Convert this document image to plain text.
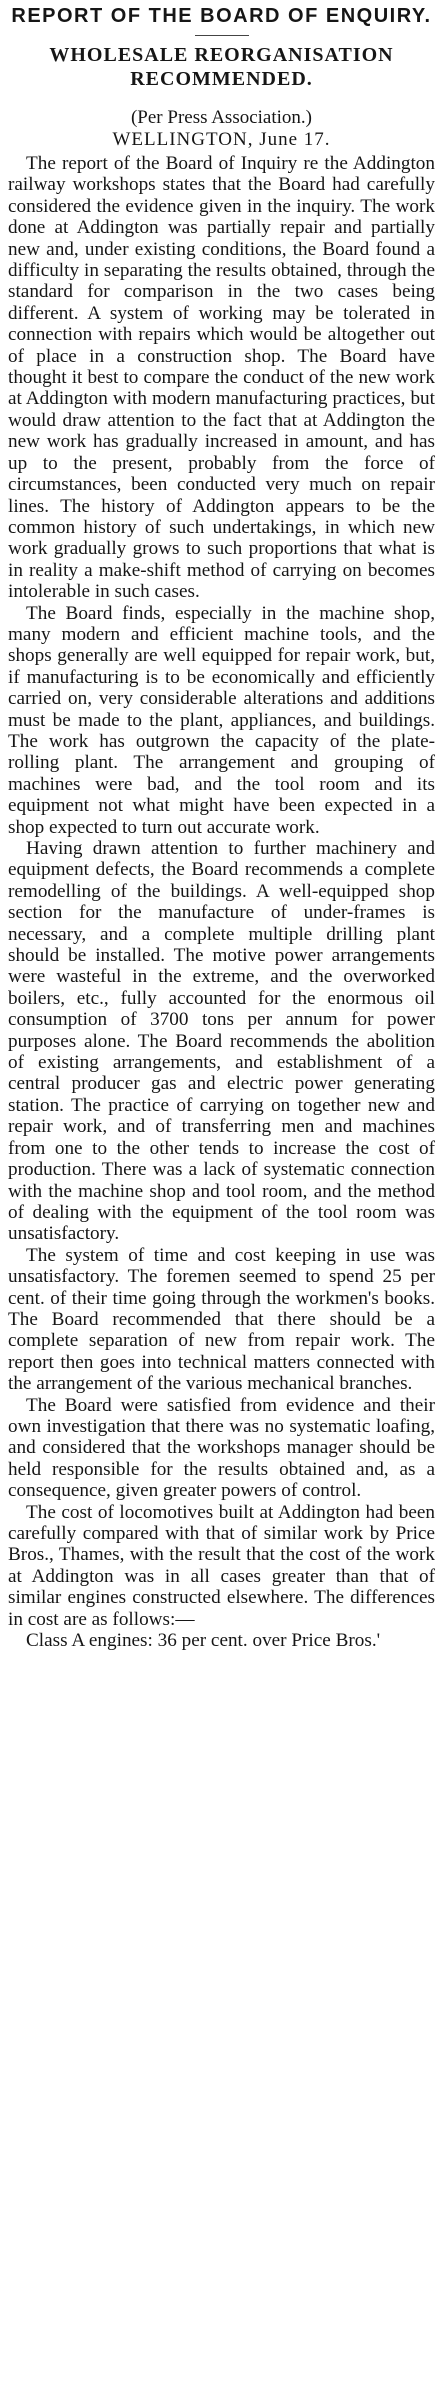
REPORT OF THE BOARD OF ENQUIRY.
WHOLESALE REORGANISATION RECOMMENDED.

(Per Press Association.)

WELLINGTON, June 17.

The report of the Board of Inquiry re the Addington railway workshops states that the Board had carefully considered the evidence given in the inquiry. The work done at Addington was partially repair and partially new and, under existing conditions, the Board found a difficulty in separating the results obtained, through the standard for comparison in the two cases being different. A system of working may be tolerated in connection with repairs which would be altogether out of place in a construction shop. The Board have thought it best to compare the conduct of the new work at Addington with modern manufacturing practices, but would draw attention to the fact that at Addington the new work has gradually increased in amount, and has up to the present, probably from the force of circumstances, been conducted very much on repair lines. The history of Addington appears to be the common history of such undertakings, in which new work gradually grows to such proportions that what is in reality a make-shift method of carrying on becomes intolerable in such cases.

The Board finds, especially in the machine shop, many modern and efficient machine tools, and the shops generally are well equipped for repair work, but, if manufacturing is to be economically and efficiently carried on, very considerable alterations and additions must be made to the plant, appliances, and buildings. The work has outgrown the capacity of the plate-rolling plant. The arrangement and grouping of machines were bad, and the tool room and its equipment not what might have been expected in a shop expected to turn out accurate work.

Having drawn attention to further machinery and equipment defects, the Board recommends a complete remodelling of the buildings. A well-equipped shop section for the manufacture of under-frames is necessary, and a complete multiple drilling plant should be installed. The motive power arrangements were wasteful in the extreme, and the overworked boilers, etc., fully accounted for the enormous oil consumption of 3700 tons per annum for power purposes alone. The Board recommends the abolition of existing arrangements, and establishment of a central producer gas and electric power generating station. The practice of carrying on together new and repair work, and of transferring men and machines from one to the other tends to increase the cost of production. There was a lack of systematic connection with the machine shop and tool room, and the method of dealing with the equipment of the tool room was unsatisfactory.

The system of time and cost keeping in use was unsatisfactory. The foremen seemed to spend 25 per cent. of their time going through the workmen's books. The Board recommended that there should be a complete separation of new from repair work. The report then goes into technical matters connected with the arrangement of the various mechanical branches.

The Board were satisfied from evidence and their own investigation that there was no systematic loafing, and considered that the workshops manager should be held responsible for the results obtained and, as a consequence, given greater powers of control.

The cost of locomotives built at Addington had been carefully compared with that of similar work by Price Bros., Thames, with the result that the cost of the work at Addington was in all cases greater than that of similar engines constructed elsewhere. The differences in cost are as follows:—

Class A engines: 36 per cent. over Price Bros.'
